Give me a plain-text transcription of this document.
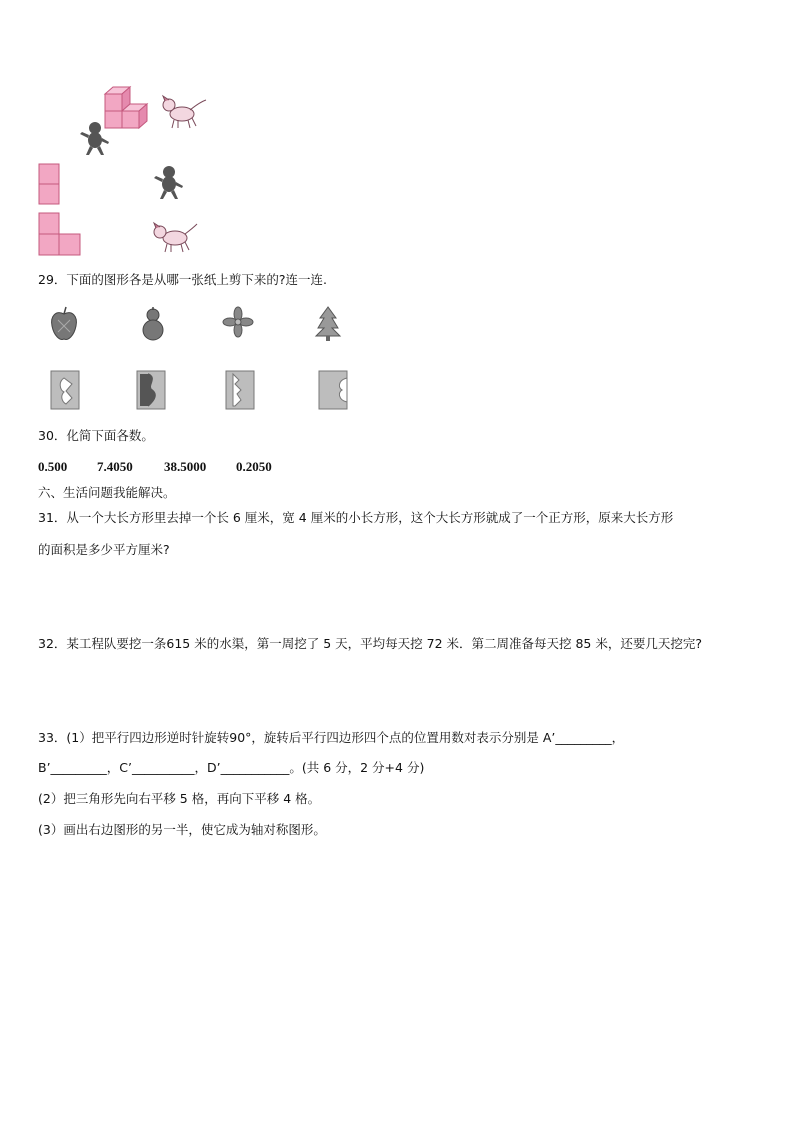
29．下面的图形各是从哪一张纸上剪下来的?连一连.
30．化简下面各数。
0.500 7.4050 38.5000 0.2050
六、生活问题我能解决。
31．从一个大长方形里去掉一个长 6 厘米，宽 4 厘米的小长方形，这个大长方形就成了一个正方形，原来大长方形
的面积是多少平方厘米?
32．某工程队要挖一条615 米的水渠，第一周挖了 5 天，平均每天挖 72 米．第二周准备每天挖 85 米，还要几天挖完?
33．(1）把平行四边形逆时针旋转90°，旋转后平行四边形四个点的位置用数对表示分别是 A’_________，
B’_________，C’__________，D’___________。(共 6 分，2 分+4 分)
(2）把三角形先向右平移 5 格，再向下平移 4 格。
(3）画出右边图形的另一半，使它成为轴对称图形。
